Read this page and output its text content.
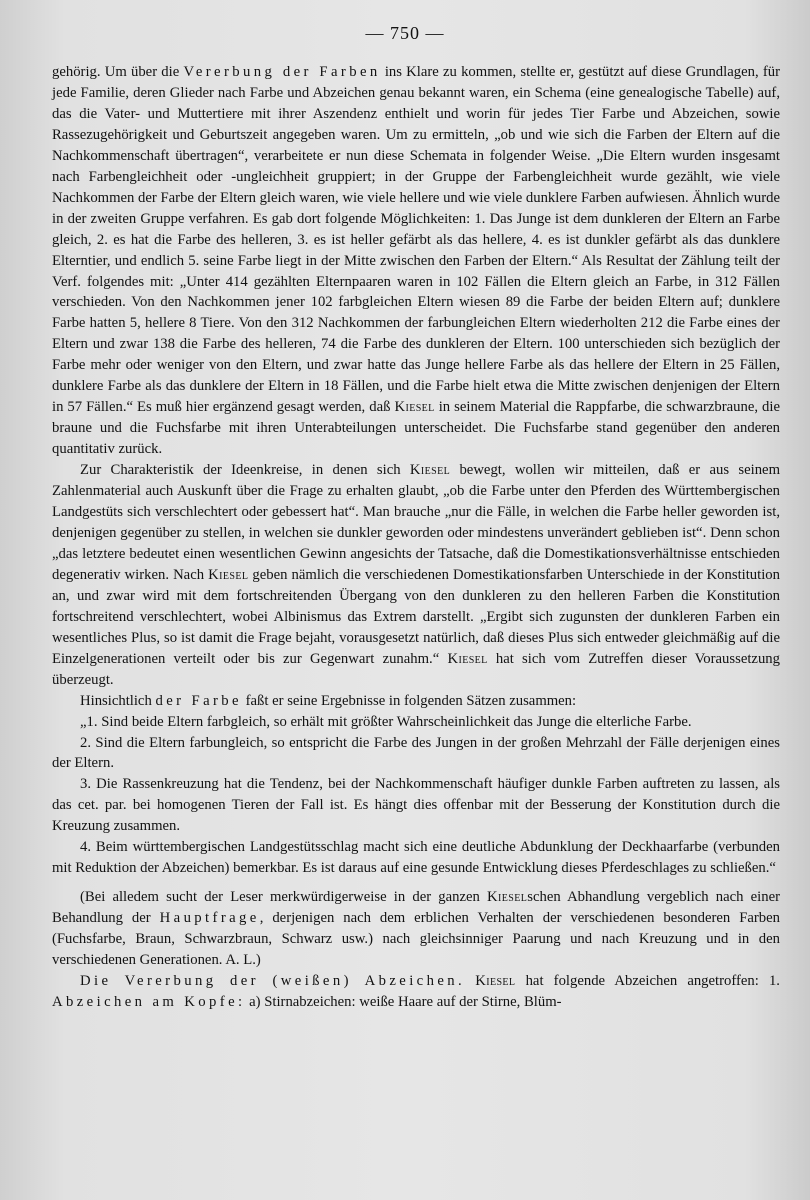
— 750 —

gehörig. Um über die Vererbung der Farben ins Klare zu kommen, stellte er, gestützt auf diese Grundlagen, für jede Familie, deren Glieder nach Farbe und Abzeichen genau bekannt waren, ein Schema (eine genealogische Tabelle) auf, das die Vater- und Muttertiere mit ihrer Aszendenz enthielt und worin für jedes Tier Farbe und Abzeichen, sowie Rassezugehörigkeit und Geburtszeit angegeben waren. Um zu ermitteln, „ob und wie sich die Farben der Eltern auf die Nachkommenschaft übertragen“, verarbeitete er nun diese Schemata in folgender Weise. „Die Eltern wurden insgesamt nach Farbengleichheit oder -ungleichheit gruppiert; in der Gruppe der Farbengleichheit wurde gezählt, wie viele Nachkommen der Farbe der Eltern gleich waren, wie viele hellere und wie viele dunklere Farben aufwiesen. Ähnlich wurde in der zweiten Gruppe verfahren. Es gab dort folgende Möglichkeiten: 1. Das Junge ist dem dunkleren der Eltern an Farbe gleich, 2. es hat die Farbe des helleren, 3. es ist heller gefärbt als das hellere, 4. es ist dunkler gefärbt als das dunklere Elterntier, und endlich 5. seine Farbe liegt in der Mitte zwischen den Farben der Eltern.“ Als Resultat der Zählung teilt der Verf. folgendes mit: „Unter 414 gezählten Elternpaaren waren in 102 Fällen die Eltern gleich an Farbe, in 312 Fällen verschieden. Von den Nachkommen jener 102 farbgleichen Eltern wiesen 89 die Farbe der beiden Eltern auf; dunklere Farbe hatten 5, hellere 8 Tiere. Von den 312 Nachkommen der farbungleichen Eltern wiederholten 212 die Farbe eines der Eltern und zwar 138 die Farbe des helleren, 74 die Farbe des dunkleren der Eltern. 100 unterschieden sich bezüglich der Farbe mehr oder weniger von den Eltern, und zwar hatte das Junge hellere Farbe als das hellere der Eltern in 25 Fällen, dunklere Farbe als das dunklere der Eltern in 18 Fällen, und die Farbe hielt etwa die Mitte zwischen denjenigen der Eltern in 57 Fällen.“ Es muß hier ergänzend gesagt werden, daß Kiesel in seinem Material die Rappfarbe, die schwarzbraune, die braune und die Fuchsfarbe mit ihren Unterabteilungen unterscheidet. Die Fuchsfarbe stand gegenüber den anderen quantitativ zurück.

Zur Charakteristik der Ideenkreise, in denen sich Kiesel bewegt, wollen wir mitteilen, daß er aus seinem Zahlenmaterial auch Auskunft über die Frage zu erhalten glaubt, „ob die Farbe unter den Pferden des Württembergischen Landgestüts sich verschlechtert oder gebessert hat“. Man brauche „nur die Fälle, in welchen die Farbe heller geworden ist, denjenigen gegenüber zu stellen, in welchen sie dunkler geworden oder mindestens unverändert geblieben ist“. Denn schon „das letztere bedeutet einen wesentlichen Gewinn angesichts der Tatsache, daß die Domestikationsverhältnisse entschieden degenerativ wirken. Nach Kiesel geben nämlich die verschiedenen Domestikationsfarben Unterschiede in der Konstitution an, und zwar wird mit dem fortschreitenden Übergang von den dunkleren zu den helleren Farben die Konstitution fortschreitend verschlechtert, wobei Albinismus das Extrem darstellt. „Ergibt sich zugunsten der dunkleren Farben ein wesentliches Plus, so ist damit die Frage bejaht, vorausgesetzt natürlich, daß dieses Plus sich entweder gleichmäßig auf die Einzelgenerationen verteilt oder bis zur Gegenwart zunahm.“ Kiesel hat sich vom Zutreffen dieser Voraussetzung überzeugt.

Hinsichtlich der Farbe faßt er seine Ergebnisse in folgenden Sätzen zusammen:

„1. Sind beide Eltern farbgleich, so erhält mit größter Wahrscheinlichkeit das Junge die elterliche Farbe.

2. Sind die Eltern farbungleich, so entspricht die Farbe des Jungen in der großen Mehrzahl der Fälle derjenigen eines der Eltern.

3. Die Rassenkreuzung hat die Tendenz, bei der Nachkommenschaft häufiger dunkle Farben auftreten zu lassen, als das cet. par. bei homogenen Tieren der Fall ist. Es hängt dies offenbar mit der Besserung der Konstitution durch die Kreuzung zusammen.

4. Beim württembergischen Landgestütsschlag macht sich eine deutliche Abdunklung der Deckhaarfarbe (verbunden mit Reduktion der Abzeichen) bemerkbar. Es ist daraus auf eine gesunde Entwicklung dieses Pferdeschlages zu schließen.“

(Bei alledem sucht der Leser merkwürdigerweise in der ganzen Kieselschen Abhandlung vergeblich nach einer Behandlung der Hauptfrage, derjenigen nach dem erblichen Verhalten der verschiedenen besonderen Farben (Fuchsfarbe, Braun, Schwarzbraun, Schwarz usw.) nach gleichsinniger Paarung und nach Kreuzung und in den verschiedenen Generationen. A. L.)

Die Vererbung der (weißen) Abzeichen. Kiesel hat folgende Abzeichen angetroffen: 1. Abzeichen am Kopfe: a) Stirnabzeichen: weiße Haare auf der Stirne, Blüm-
